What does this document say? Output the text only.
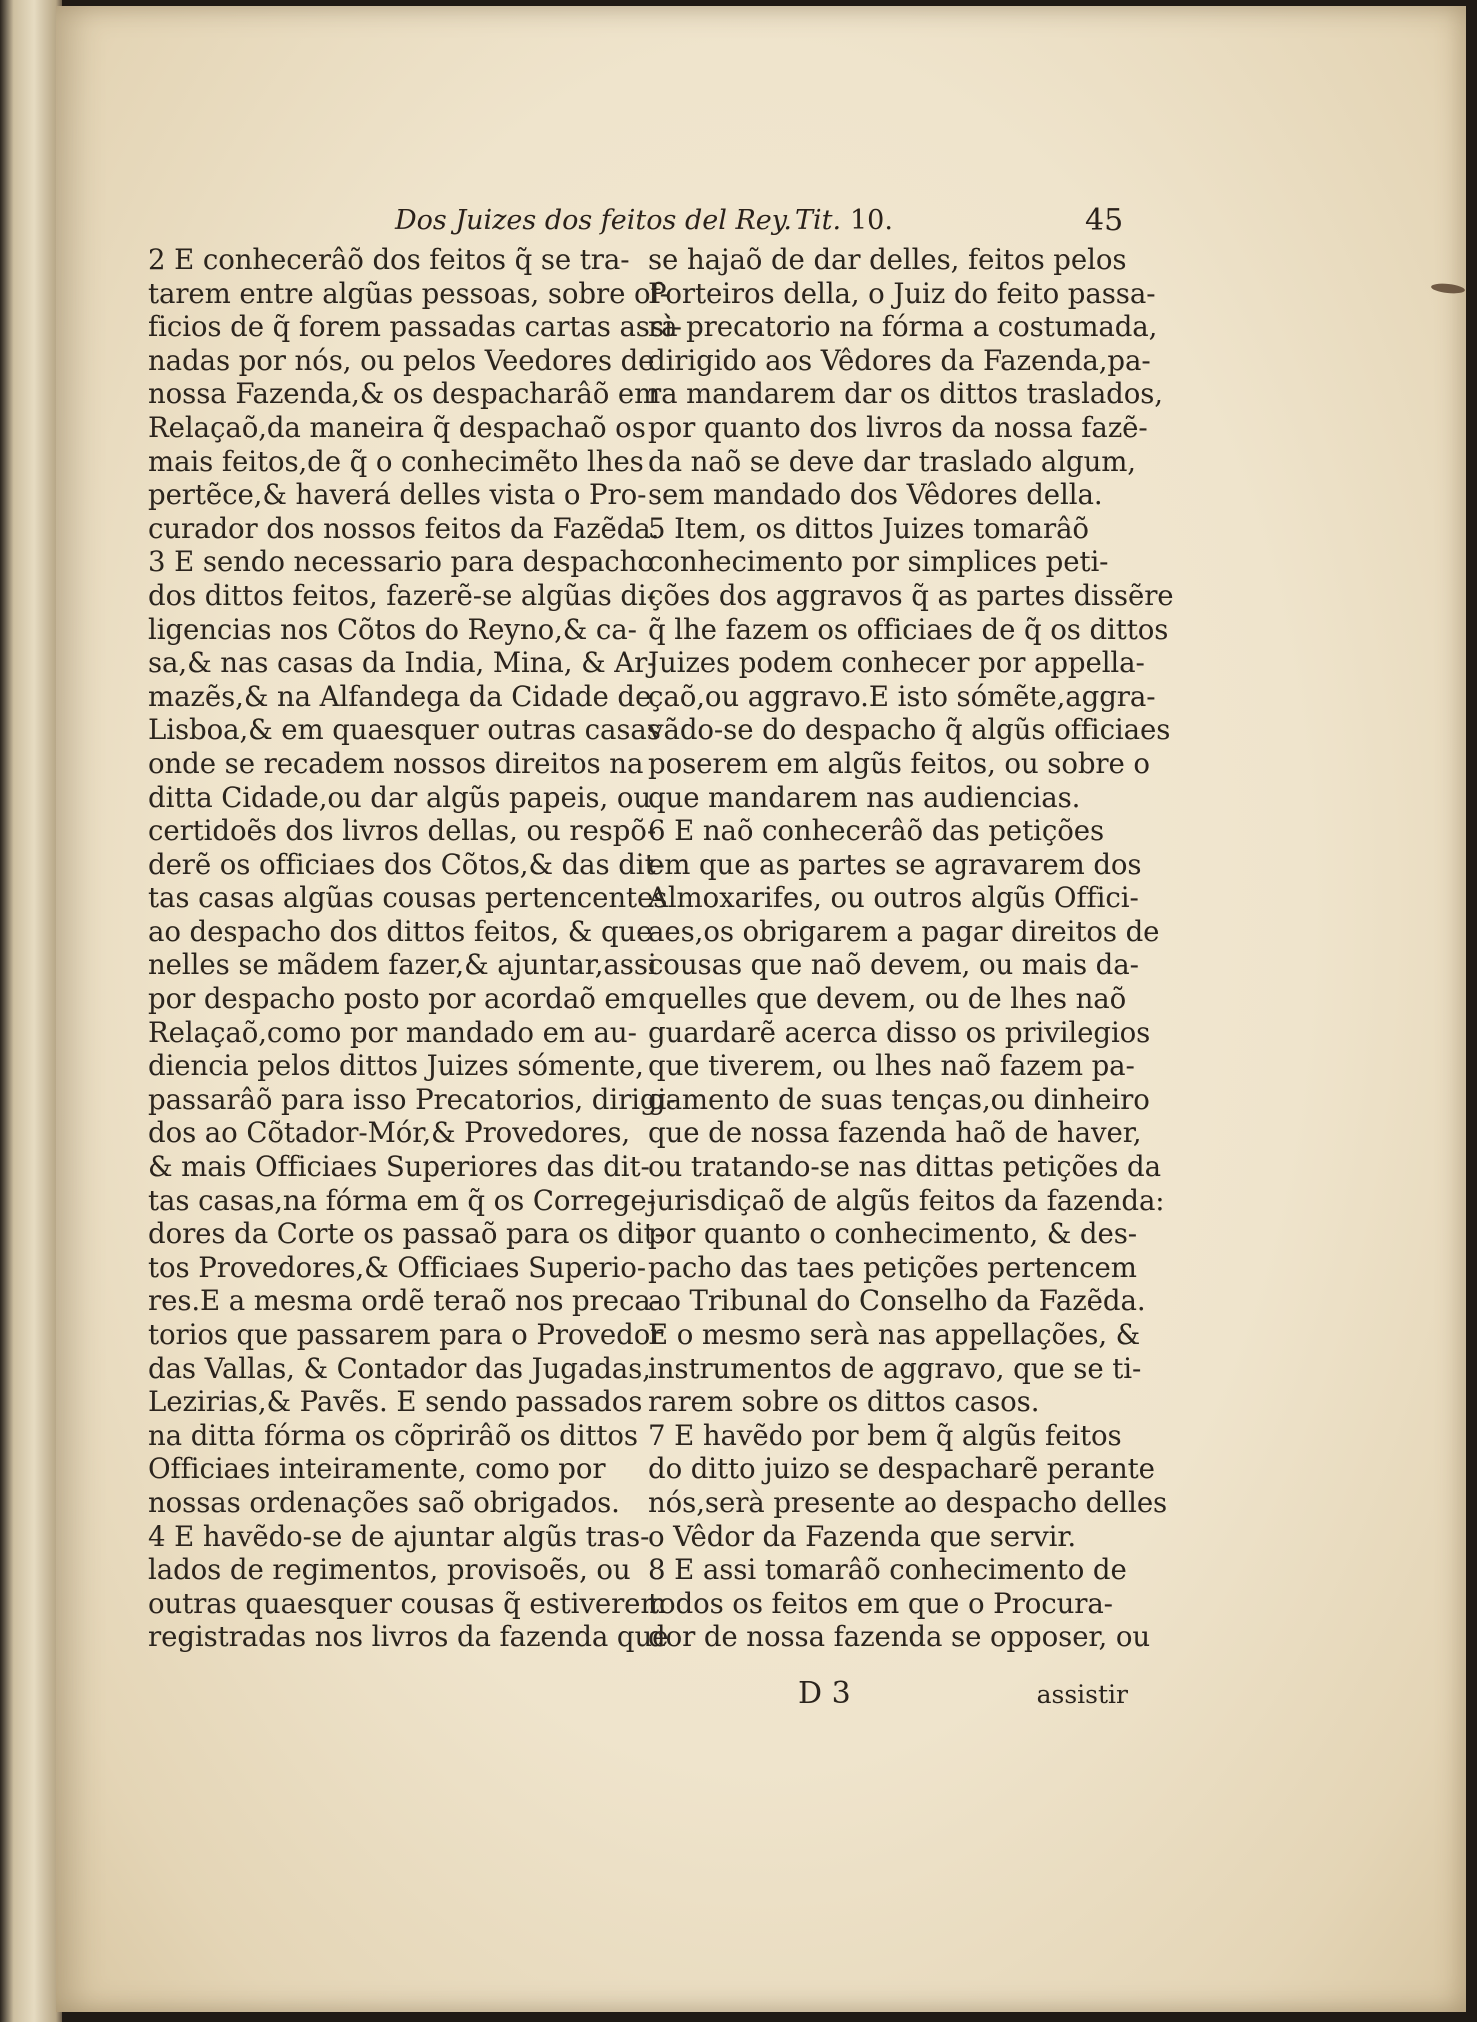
Dos Juizes dos feitos del Rey. Tit. 10.	45
2 E conhecerâõ dos feitos q̃ se tra-
tarem entre algũas pessoas, sobre of-
ficios de q̃ forem passadas cartas assi-
nadas por nós, ou pelos Veedores de
nossa Fazenda,& os despacharâõ em
Relaçaõ,da maneira q̃ despachaõ os
mais feitos,de q̃ o conhecimẽto lhes
pertẽce,& haverá delles vista o Pro-
curador dos nossos feitos da Fazẽda.
3 E sendo necessario para despacho
dos dittos feitos, fazerẽ-se algũas di-
ligencias nos Cõtos do Reyno,& ca-
sa,& nas casas da India, Mina, & Ar-
mazẽs,& na Alfandega da Cidade de
Lisboa,& em quaesquer outras casas
onde se recadem nossos direitos na
ditta Cidade,ou dar algũs papeis, ou
certidoẽs dos livros dellas, ou respõ-
derẽ os officiaes dos Cõtos,& das dit-
tas casas algũas cousas pertencentes
ao despacho dos dittos feitos, & que
nelles se mãdem fazer,& ajuntar,assi
por despacho posto por acordaõ em
Relaçaõ,como por mandado em au-
diencia pelos dittos Juizes sómente,
passarâõ para isso Precatorios, dirigi-
dos ao Cõtador-Mór,& Provedores,
& mais Officiaes Superiores das dit-
tas casas,na fórma em q̃ os Correge-
dores da Corte os passaõ para os dit-
tos Provedores,& Officiaes Superio-
res.E a mesma ordẽ teraõ nos preca-
torios que passarem para o Provedor
das Vallas, & Contador das Jugadas,
Lezirias,& Pavẽs. E sendo passados
na ditta fórma os cõprirâõ os dittos
Officiaes inteiramente, como por
nossas ordenações saõ obrigados.
4 E havẽdo-se de ajuntar algũs tras-
lados de regimentos, provisoẽs, ou
outras quaesquer cousas q̃ estiverem
registradas nos livros da fazenda que
se hajaõ de dar delles, feitos pelos
Porteiros della, o Juiz do feito passa-
rà precatorio na fórma a costumada,
dirigido aos Vêdores da Fazenda,pa-
ra mandarem dar os dittos traslados,
por quanto dos livros da nossa fazẽ-
da naõ se deve dar traslado algum,
sem mandado dos Vêdores della.
5 Item, os dittos Juizes tomarâõ
conhecimento por simplices peti-
ções dos aggravos q̃ as partes dissẽre
q̃ lhe fazem os officiaes de q̃ os dittos
Juizes podem conhecer por appella-
çaõ,ou aggravo.E isto sómẽte,aggra-
vãdo-se do despacho q̃ algũs officiaes
poserem em algũs feitos, ou sobre o
que mandarem nas audiencias.
6 E naõ conhecerâõ das petições
em que as partes se agravarem dos
Almoxarifes, ou outros algũs Offici-
aes,os obrigarem a pagar direitos de
cousas que naõ devem, ou mais da-
quelles que devem, ou de lhes naõ
guardarẽ acerca disso os privilegios
que tiverem, ou lhes naõ fazem pa-
gamento de suas tenças,ou dinheiro
que de nossa fazenda haõ de haver,
ou tratando-se nas dittas petições da
jurisdiçaõ de algũs feitos da fazenda:
por quanto o conhecimento, & des-
pacho das taes petições pertencem
ao Tribunal do Conselho da Fazẽda.
E o mesmo serà nas appellações, &
instrumentos de aggravo, que se ti-
rarem sobre os dittos casos.
7 E havẽdo por bem q̃ algũs feitos
do ditto juizo se despacharẽ perante
nós,serà presente ao despacho delles
o Vêdor da Fazenda que servir.
8 E assi tomarâõ conhecimento de
todos os feitos em que o Procura-
dor de nossa fazenda se opposer, ou
D 3	assistir
